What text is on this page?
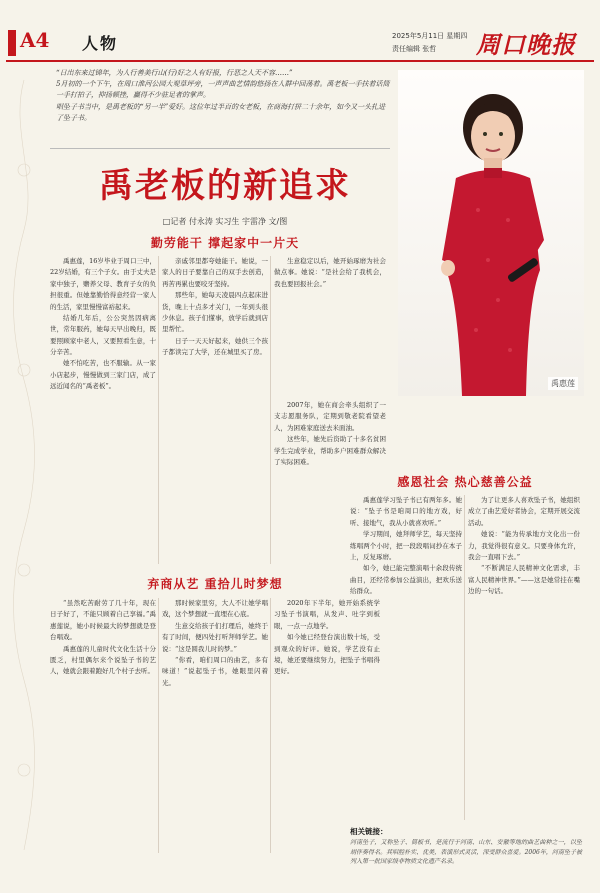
A4 人物	2025年5月11日 星期四
责任编辑 张哲 周口晚报

“日出东来过锦年，为人行善美行山(行)好之人有好报，行恶之人天不容……”

5月初的一个下午，在周口淮河公园大观草坪旁，一声声曲艺情韵悠扬在人群中回荡着。禹老板一手扶着话筒一手打拍子，抑扬顿挫，赢得不少驻足者的掌声。

唱坠子书当中，是禹老板的“另一半”爱好。这位年过半百的女老板，在商海打拼二十余年，如今又一头扎进了坠子书。

禹老板的新追求
□记者 付永涛 实习生 宇雷净 文/图
禹惠莲
勤劳能干 撑起家中一片天
弃商从艺 重拾儿时梦想
感恩社会 热心慈善公益

禹惠莲，16岁毕业于周口三中，22岁结婚，有三个子女。由于丈夫是家中独子，赡养父母、教育子女的负担很重。但她靠勤恰得意经营一家人的生活，家里慢慢富裕起来。

结婚几年后，公公突然因病离世，常年服药，她每天早出晚归，既要照顾家中老人，又要照看生意，十分辛苦。

她不怕吃苦，也不服输。从一家小店起步，慢慢做到三家门店，成了远近闻名的“禹老板”。

亲戚邻里都夸她能干。她说，一家人的日子要靠自己的双手去创造，再苦再累也要咬牙坚持。

那些年，她每天凌晨四点起床进货，晚上十点多才关门，一年到头很少休息。孩子们懂事，放学后就到店里帮忙。

日子一天天好起来，她供三个孩子都读完了大学，还在城里买了房。

生意稳定以后，她开始琢磨为社会做点事。她说：“是社会给了我机会，我也要回报社会。”

2007年，她在商会牵头组织了一支志愿服务队，定期到敬老院看望老人，为困难家庭送去米面油。

这些年，她先后资助了十多名贫困学生完成学业，帮助多户困难群众解决了实际困难。

禹惠莲学习坠子书已有两年多。她说：“坠子书是咱周口的地方戏，好听、接地气，我从小就喜欢听。”

学习期间，她拜师学艺，每天坚持练唱两个小时，把一段段唱词抄在本子上，反复琢磨。

如今，她已能完整演唱十余段传统曲目，还经常参加公益演出，把欢乐送给群众。

为了让更多人喜欢坠子书，她组织成立了曲艺爱好者协会，定期开展交流活动。

她说：“能为传承地方文化出一份力，我觉得很有意义。只要身体允许，我会一直唱下去。”

“不断满足人民精神文化需求，丰富人民精神世界。”——这是她常挂在嘴边的一句话。

“虽然吃苦耐劳了几十年，现在日子好了，不能只顾着自己享福。”禹惠莲说，她小时候最大的梦想就是登台唱戏。

禹惠莲的儿童时代文化生活十分匮乏，村里偶尔来个说坠子书的艺人，她就会跟着跑好几个村子去听。

那时候家里穷，大人不让她学唱戏，这个梦想就一直埋在心底。

生意交给孩子们打理后，她终于有了时间，便四处打听拜师学艺。她说：“这是圆我儿时的梦。”

“你看，咱们周口的曲艺，多有味道！”说起坠子书，她眼里闪着光。

2020年下半年，她开始系统学习坠子书演唱，从发声、吐字到板眼，一点一点地学。

如今她已经登台演出数十场，受到观众的好评。她说，学艺没有止境，她还要继续努力，把坠子书唱得更好。

相关链接：
河南坠子，又称坠子、简板书，是流行于河南、山东、安徽等地的曲艺曲种之一，以坠胡伴奏得名。其唱腔朴实、优美，表演形式灵活，深受群众喜爱。2006年，河南坠子被列入第一批国家级非物质文化遗产名录。
